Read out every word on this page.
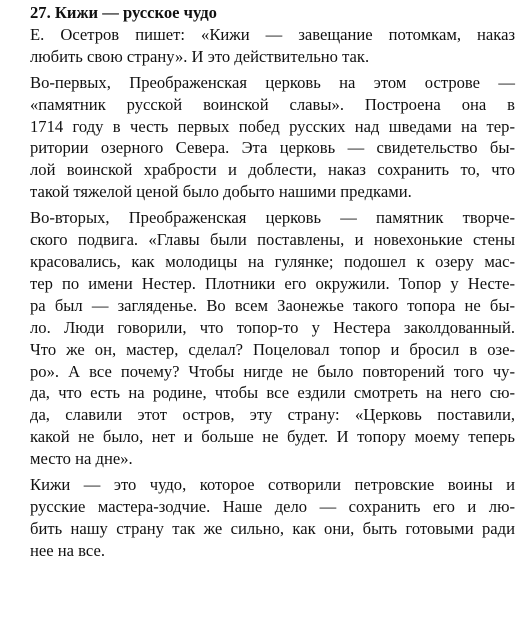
27. Кижи — русское чудо
Е. Осетров пишет: «Кижи — завещание потомкам, наказ
любить свою страну». И это действительно так.
Во-первых, Преображенская церковь на этом острове —
«памятник русской воинской славы». Построена она в
1714 году в честь первых побед русских над шведами на тер-
ритории озерного Севера. Эта церковь — свидетельство бы-
лой воинской храбрости и доблести, наказ сохранить то, что
такой тяжелой ценой было добыто нашими предками.
Во-вторых, Преображенская церковь — памятник творче-
ского подвига. «Главы были поставлены, и новехонькие стены
красовались, как молодицы на гулянке; подошел к озеру мас-
тер по имени Нестер. Плотники его окружили. Топор у Несте-
ра был — загляденье. Во всем Заонежье такого топора не бы-
ло. Люди говорили, что топор-то у Нестера заколдованный.
Что же он, мастер, сделал? Поцеловал топор и бросил в озе-
ро». А все почему? Чтобы нигде не было повторений того чу-
да, что есть на родине, чтобы все ездили смотреть на него сю-
да, славили этот остров, эту страну: «Церковь поставили,
какой не было, нет и больше не будет. И топору моему теперь
место на дне».
Кижи — это чудо, которое сотворили петровские воины и
русские мастера-зодчие. Наше дело — сохранить его и лю-
бить нашу страну так же сильно, как они, быть готовыми ради
нее на все.
